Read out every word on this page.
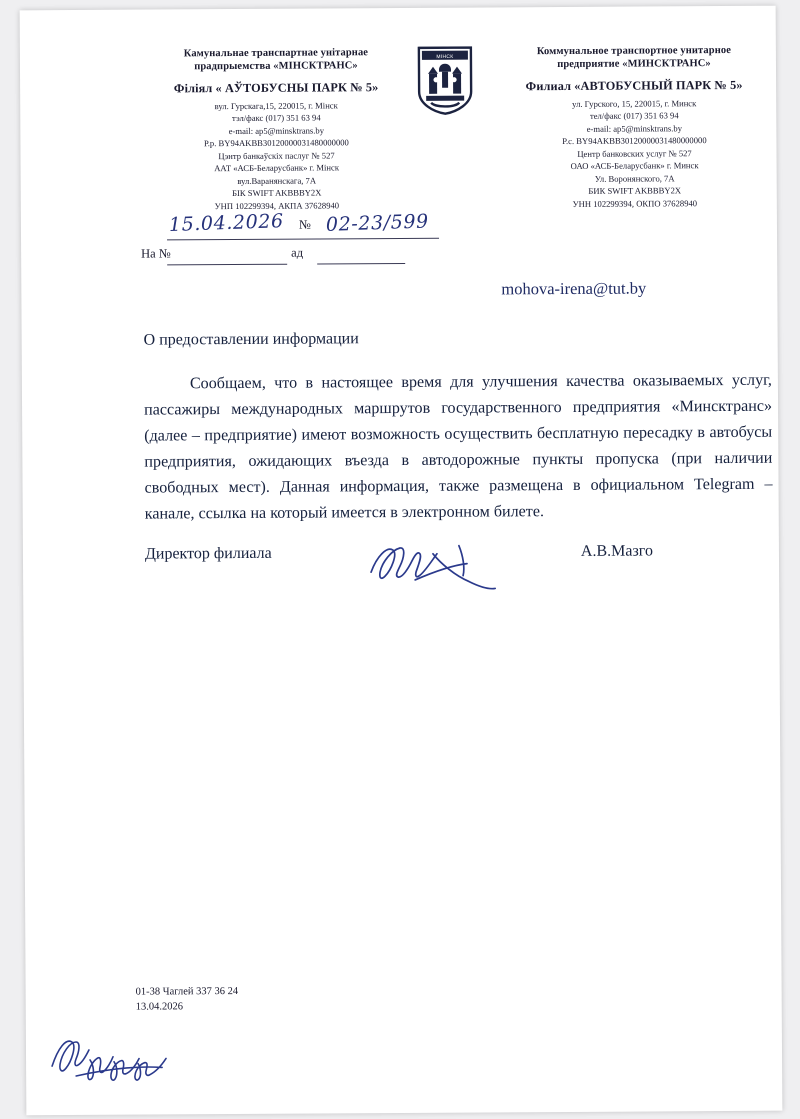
Камунальнае транспартнае унiтарнае
прадпрыемства «МIНСКТРАНС»
Фiлiял « АЎТОБУСНЫ ПАРК № 5»
вул. Гурскага,15, 220015, г. Мiнск
тэл/факс (017) 351 63 94
e-mail: ap5@minsktrans.by
Р.р. BY94AKBB30120000031480000000
Цэнтр банкаўскiх паслуг № 527
ААТ «АСБ-Беларусбанк» г. Мiнск
вул.Варанянскага, 7А
БIК SWIFT AKBBBY2X
УНП 102299394, АКПА 37628940
Коммунальное транспортное унитарное
предприятие «МИНСКТРАНС»
Филиал «АВТОБУСНЫЙ ПАРК № 5»
ул. Гурского, 15, 220015, г. Минск
тел/факс (017) 351 63 94
e-mail: ap5@minsktrans.by
Р.с. BY94AKBB30120000031480000000
Центр банковских услуг № 527
ОАО «АСБ-Беларусбанк» г. Минск
Ул. Воронянского, 7А
БИК SWIFT AKBBBY2X
УНН 102299394, ОКПО 37628940
МІНСК
15.04.2026 № 02-23/599
На №	ад
mohova-irena@tut.by
О предоставлении информации
Сообщаем, что в настоящее время для улучшения качества оказываемых услуг, пассажиры международных маршрутов государственного предприятия «Минсктранс» (далее – предприятие) имеют возможность осуществить бесплатную пересадку в автобусы предприятия, ожидающих въезда в автодорожные пункты пропуска (при наличии свободных мест). Данная информация, также размещена в официальном Telegram – канале, ссылка на который имеется в электронном билете.
Директор филиала	А.В.Мазго
01-38 Чаглей 337 36 24
13.04.2026
